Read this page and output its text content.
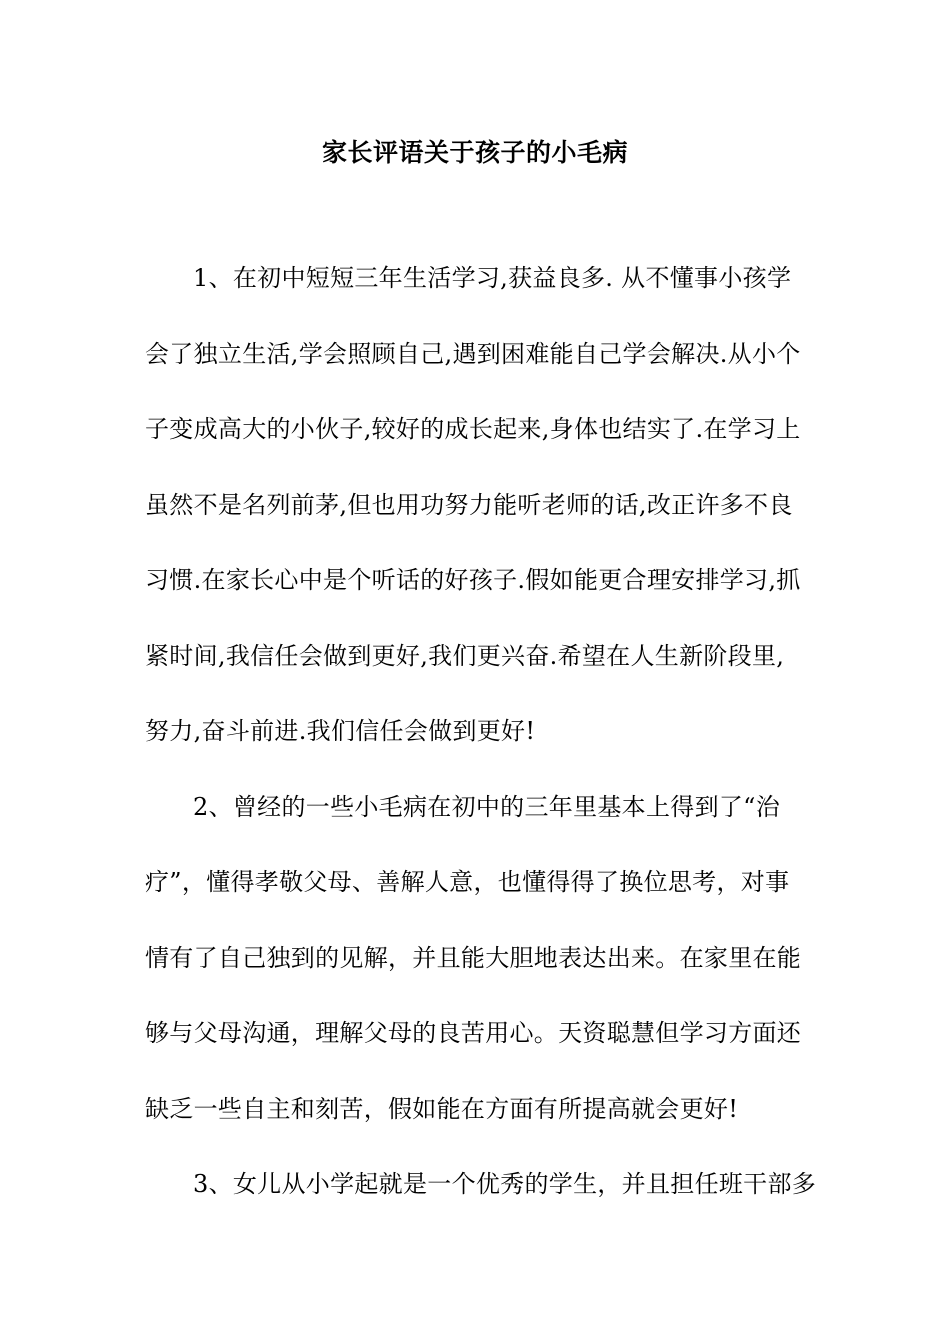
家长评语关于孩子的小毛病
1、在初中短短三年生活学习,获益良多. 从不懂事小孩学
会了独立生活,学会照顾自己,遇到困难能自己学会解决.从小个
子变成高大的小伙子,较好的成长起来,身体也结实了.在学习上
虽然不是名列前茅,但也用功努力能听老师的话,改正许多不良
习惯.在家长心中是个听话的好孩子.假如能更合理安排学习,抓
紧时间,我信任会做到更好,我们更兴奋.希望在人生新阶段里,
努力,奋斗前进.我们信任会做到更好!
2、曾经的一些小毛病在初中的三年里基本上得到了“治
疗”，懂得孝敬父母、善解人意，也懂得得了换位思考，对事
情有了自己独到的见解，并且能大胆地表达出来。在家里在能
够与父母沟通，理解父母的良苦用心。天资聪慧但学习方面还
缺乏一些自主和刻苦，假如能在方面有所提高就会更好!
3、女儿从小学起就是一个优秀的学生，并且担任班干部多
